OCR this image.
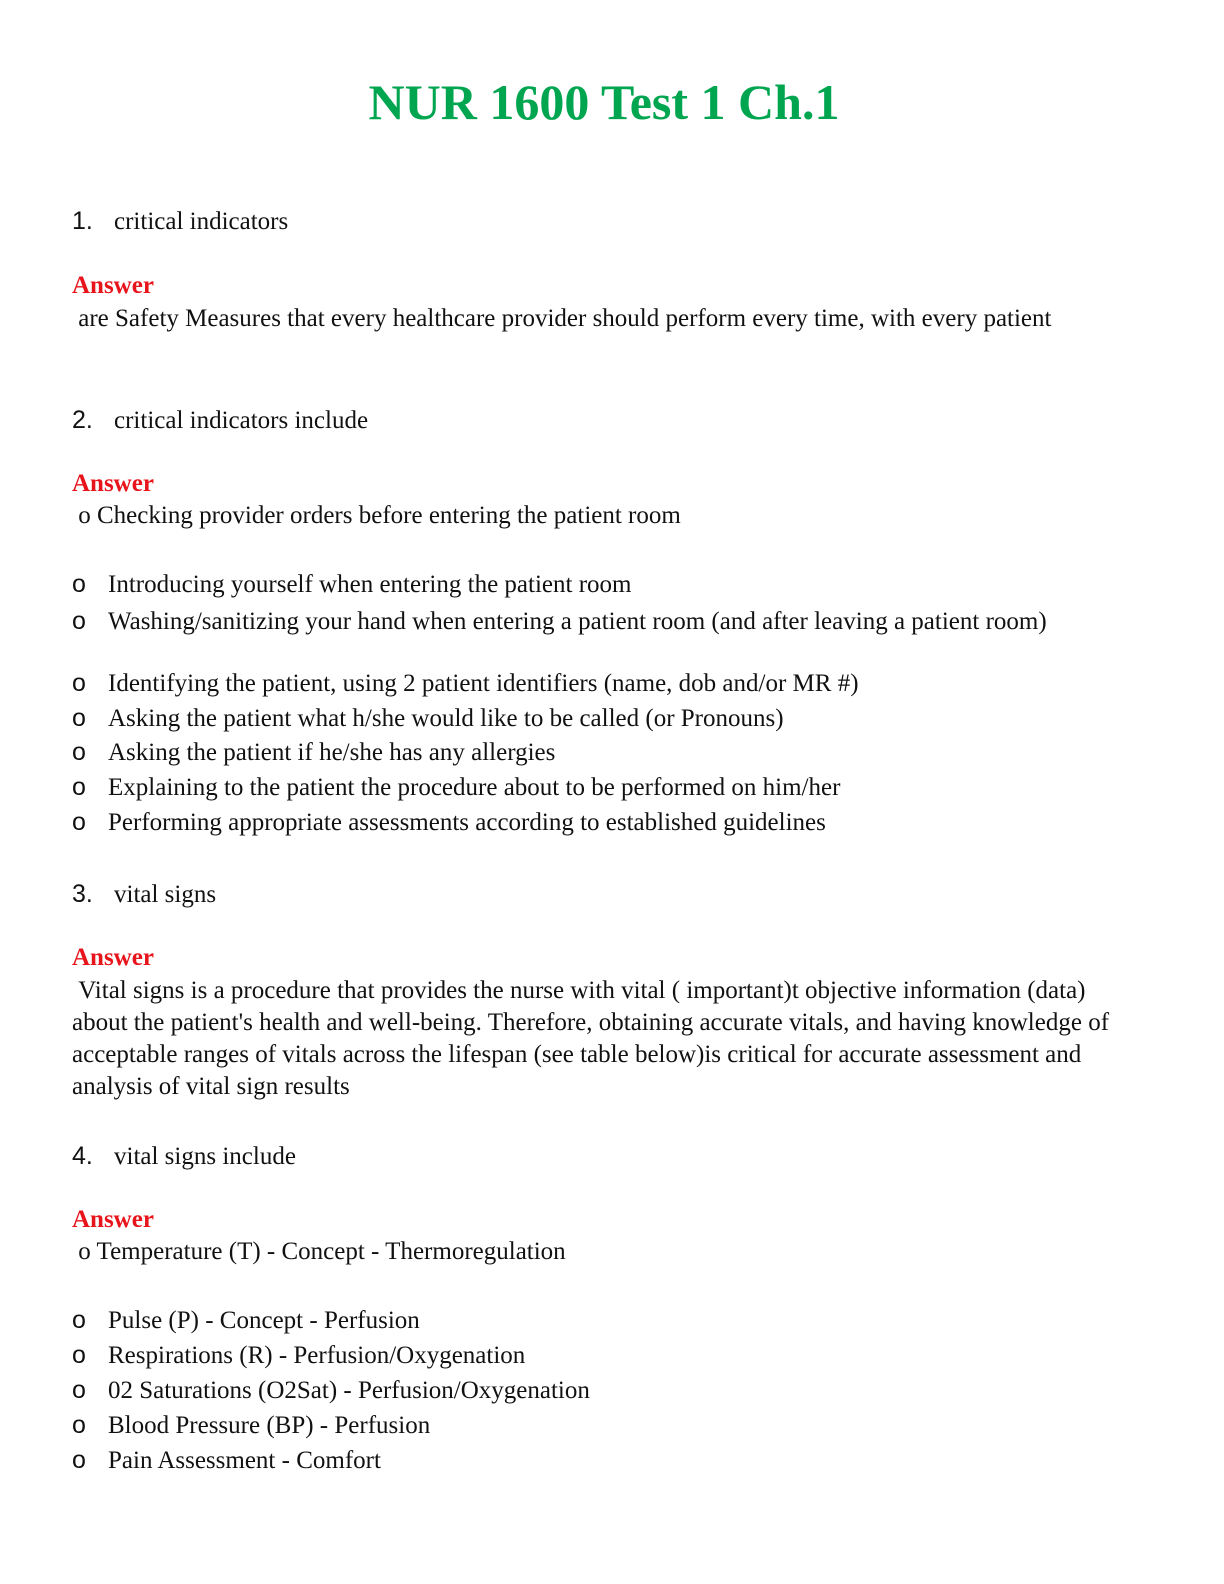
NUR 1600 Test 1 Ch.1
1. critical indicators
Answer
are Safety Measures that every healthcare provider should perform every time, with every patient
2. critical indicators include
Answer
o Checking provider orders before entering the patient room
o Introducing yourself when entering the patient room
o Washing/sanitizing your hand when entering a patient room (and after leaving a patient room)
o Identifying the patient, using 2 patient identifiers (name, dob and/or MR #)
o Asking the patient what h/she would like to be called (or Pronouns)
o Asking the patient if he/she has any allergies
o Explaining to the patient the procedure about to be performed on him/her
o Performing appropriate assessments according to established guidelines
3. vital signs
Answer
Vital signs is a procedure that provides the nurse with vital ( important)t objective information (data) about the patient's health and well-being. Therefore, obtaining accurate vitals, and having knowledge of acceptable ranges of vitals across the lifespan (see table below)is critical for accurate assessment and analysis of vital sign results
4. vital signs include
Answer
o Temperature (T) - Concept - Thermoregulation
o Pulse (P) - Concept - Perfusion
o Respirations (R) - Perfusion/Oxygenation
o 02 Saturations (O2Sat) - Perfusion/Oxygenation
o Blood Pressure (BP) - Perfusion
o Pain Assessment - Comfort
